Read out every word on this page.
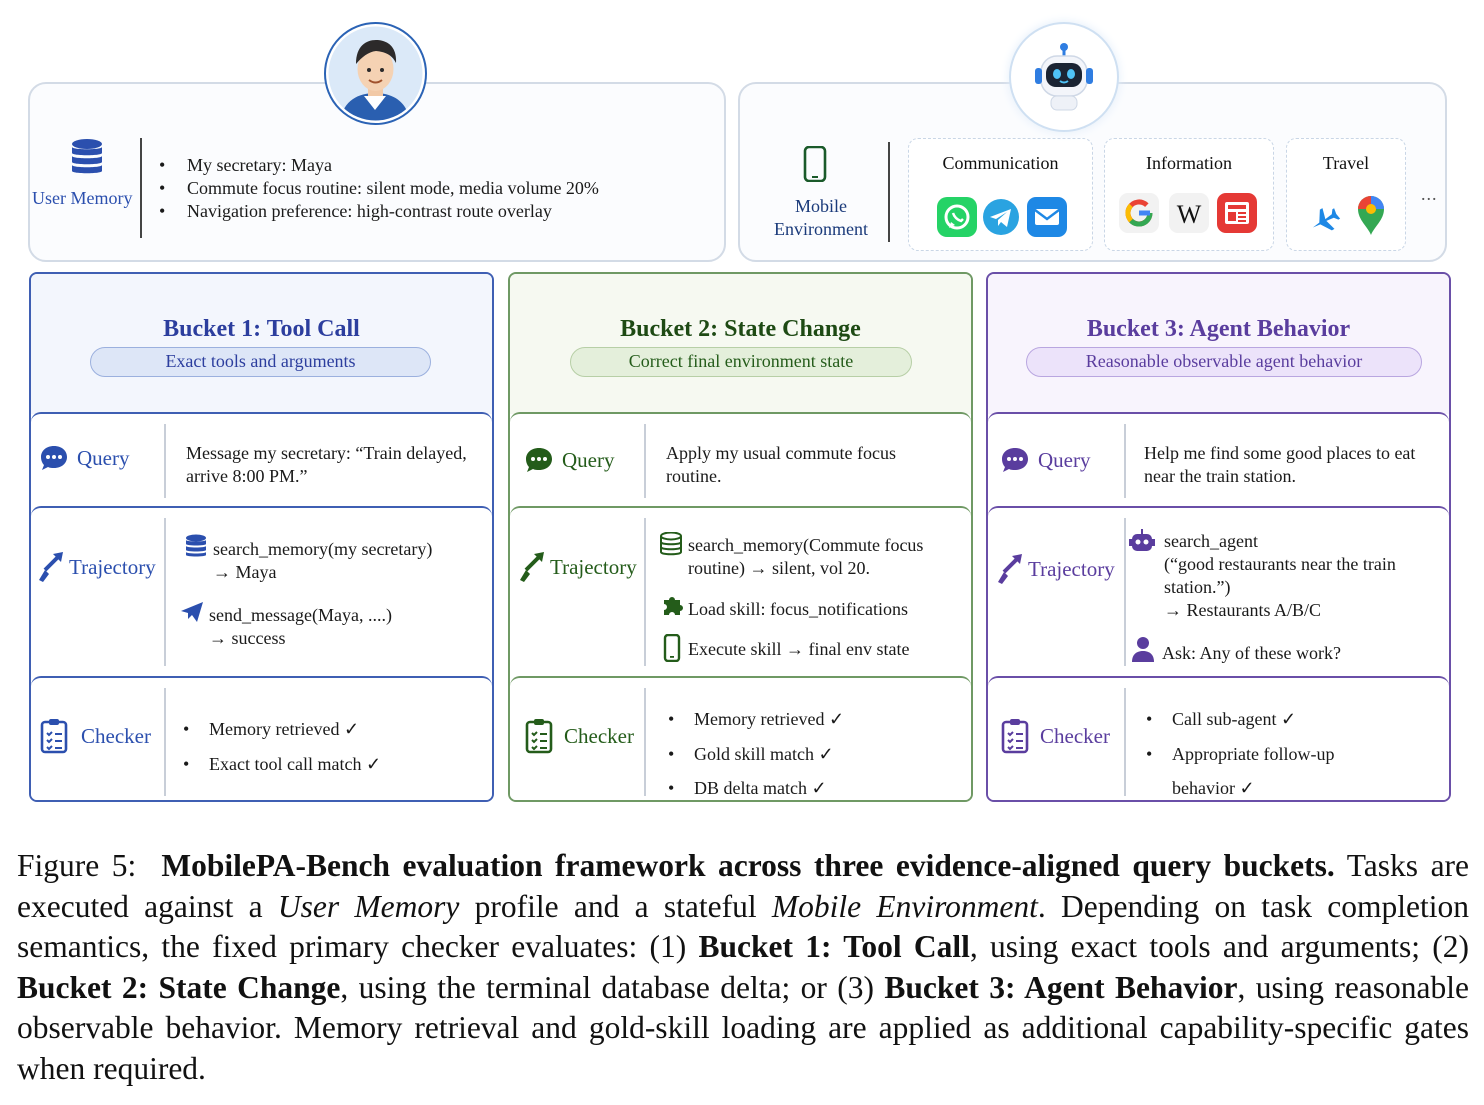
User Memory
• My secretary: Maya
• Commute focus routine: silent mode, media volume 20%
• Navigation preference: high-contrast route overlay	Mobile
Environment
Communication	Information
W
Travel
...
Bucket 1: Tool Call
Exact tools and arguments
Query	Message my secretary: “Train delayed, arrive 8:00 PM.”
Trajectory
search_memory(my secretary)
→ Maya
send_message(Maya, ....)
→ success
Checker
•	Memory retrieved ✓
• Exact tool call match ✓
Bucket 2: State Change
Correct final environment state
Query	Apply my usual commute focus routine.
Trajectory
search_memory(Commute focus
routine) → silent, vol 20.
Load skill: focus_notifications
Execute skill → final env state
Checker
• Memory retrieved ✓
• Gold skill match ✓
• DB delta match ✓
Bucket 3: Agent Behavior
Reasonable observable agent behavior
Query	Help me find some good places to eat near the train station.
Trajectory
search_agent
(“good restaurants near the train
station.”)
→ Restaurants A/B/C
Ask: Any of these work?
Checker
• Call sub-agent ✓
• Appropriate follow-up
behavior ✓
Figure 5: MobilePA-Bench evaluation framework across three evidence-aligned query buckets. Tasks are executed against a User Memory profile and a stateful Mobile Environment. Depending on task completion semantics, the fixed primary checker evaluates: (1) Bucket 1: Tool Call, using exact tools and arguments; (2) Bucket 2: State Change, using the terminal database delta; or (3) Bucket 3: Agent Behavior, using reasonable observable behavior. Memory retrieval and gold-skill loading are applied as additional capability-specific gates when required.
